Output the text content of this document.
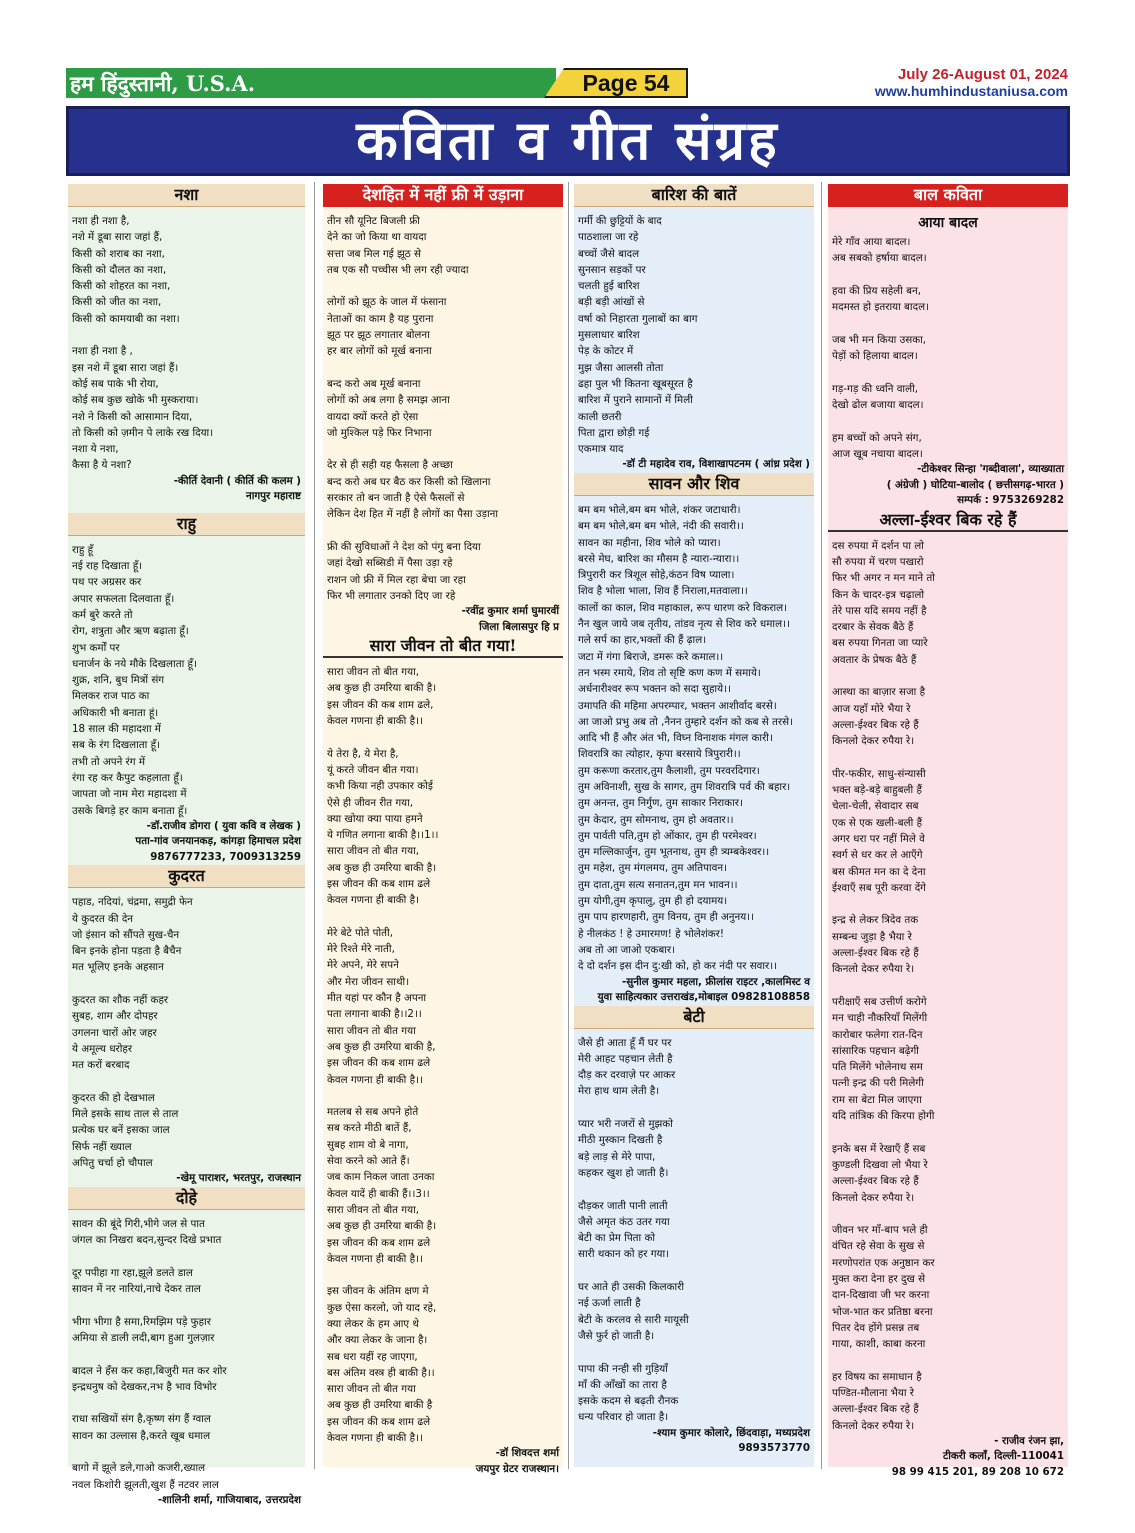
हम हिंदुस्तानी, U.S.A.	Page 54	July 26-August 01, 2024
www.humhindustaniusa.com
कविता व गीत संग्रह
नशा
नशा ही नशा है,
नशे में डूबा सारा जहां हैं,
किसी को शराब का नशा,
किसी को दौलत का नशा,
किसी को शोहरत का नशा,
किसी को जीत का नशा,
किसी को कामयाबी का नशा।
नशा ही नशा है ,
इस नशे में डूबा सारा जहां हैं।
कोई सब पाके भी रोया,
कोई सब कुछ खोके भी मुस्कराया।
नशे ने किसी को आसामान दिया,
तो किसी को ज़मीन पे लाके रख दिया।
नशा ये नशा,
कैसा है ये नशा?
-कीर्ति देवानी ( कीर्ति की कलम )
नागपुर महाराष्ट
राहु
राहु हूँ
नई राह दिखाता हूँ।
पथ पर अग्रसर कर
अपार सफलता दिलवाता हूँ।
कर्म बुरे करते तो
रोग, शत्रुता और ऋण बढ़ाता हूँ।
शुभ कर्मों पर
धनार्जन के नये मौके दिखलाता हूँ।
शुक्र, शनि, बुध मित्रों संग
मिलकर राज पाठ का
अधिकारी भी बनाता हूं।
18 साल की महादशा में
सब के रंग दिखलाता हूँ।
तभी तो अपने रंग में
रंगा रह कर कैपुट कहलाता हूँ।
जापता जो नाम मेरा महादशा में
उसके बिगड़े हर काम बनाता हूँ।
-डॉ.राजीव डोगरा ( युवा कवि व लेखक )
पता-गांव जनयानकड़, कांगड़ा हिमाचल प्रदेश
9876777233, 7009313259
कुदरत
पहाड, नदियां, चंद्रमा, समुद्री फेन
ये कुदरत की देन
जो इंसान को सौंपते सुख-चैन
बिन इनके होना पड़ता है बैचैन
मत भूलिए इनके अहसान
कुदरत का शौक नहीं कहर
सुबह, शाम और दोपहर
उगलना चारों ओर जहर
ये अमूल्य धरोहर
मत करों बरबाद
कुदरत की हो देखभाल
मिले इसके साथ ताल से ताल
प्रत्येक घर बनें इसका जाल
सिर्फ नहीं ख्याल
अपितु चर्चा हो चौपाल
-खेमू पाराशर, भरतपुर, राजस्थान
दोहे
सावन की बूंदे गिरी,भीगे जल से पात
जंगल का निखरा बदन,सुन्दर दिखे प्रभात
दूर पपीहा गा रहा,झूले डलते डाल
सावन में नर नारियां,नाचे देकर ताल
भीगा भीगा है समा,रिमझिम पड़े फुहार
अमिया से डाली लदी,बाग हुआ गुलज़ार
बादल ने हँस कर कहा,बिजुरी मत कर शोर
इन्द्रधनुष को देखकर,नभ है भाव विभोर
राधा सखियों संग है,कृष्ण संग हैं ग्वाल
सावन का उल्लास है,करते खूब धमाल
बागो में झूले डले,गाओ कजरी,ख्याल
नवल किशोरी झूलती,खुश हैं नटवर लाल
-शालिनी शर्मा, गाजियाबाद, उत्तरप्रदेश
देशहित में नहीं फ्री में उड़ाना
तीन सौ यूनिट बिजली फ्री
देने का जो किया था वायदा
सत्ता जब मिल गई झूठ से
तब एक सौ पच्चीस भी लग रही ज्यादा
लोगों को झूठ के जाल में फंसाना
नेताओं का काम है यह पुराना
झूठ पर झूठ लगातार बोलना
हर बार लोगों को मूर्ख बनाना
बन्द करो अब मूर्ख बनाना
लोगों को अब लगा है समझ आना
वायदा क्यों करते हो ऐसा
जो मुश्किल पड़े फिर निभाना
देर से ही सही यह फैसला है अच्छा
बन्द करो अब घर बैठ कर किसी को खिलाना
सरकार तो बन जाती है ऐसे फैसलों से
लेकिन देश हित में नहीं है लोगों का पैसा उड़ाना
फ्री की सुविधाओं ने देश को पंगु बना दिया
जहां देखो सब्सिडी में पैसा उड़ा रहे
राशन जो फ्री में मिल रहा बेचा जा रहा
फिर भी लगातार उनको दिए जा रहे
-रवींद्र कुमार शर्मा घुमारवीं
जिला बिलासपुर हि प्र
सारा जीवन तो बीत गया!
सारा जीवन तो बीत गया,
अब कुछ ही उमरिया बाकी है।
इस जीवन की कब शाम ढले,
केवल गणना ही बाकी है।।
ये तेरा है, ये मेरा है,
यूं करते जीवन बीत गया।
कभी किया नही उपकार कोई
ऐसे ही जीवन रीत गया,
क्या खोया क्या पाया हमने
ये गणित लगाना बाकी है।।1।।
सारा जीवन तो बीत गया,
अब कुछ ही उमरिया बाकी है।
इस जीवन की कब शाम ढले
केवल गणना ही बाकी है।
मेरे बेटे पोते पोती,
मेरे रिश्ते मेरे नाती,
मेरे अपने, मेरे सपने
और मेरा जीवन साथी।
मीत यहां पर कौन है अपना
पता लगाना बाकी है।।2।।
सारा जीवन तो बीत गया
अब कुछ ही उमरिया बाकी है,
इस जीवन की कब शाम ढले
केवल गणना ही बाकी है।।
मतलब से सब अपने होते
सब करते मीठी बातें हैं,
सुबह शाम वो बे नागा,
सेवा करने को आते हैं।
जब काम निकल जाता उनका
केवल यादें ही बाकी हैं।।3।।
सारा जीवन तो बीत गया,
अब कुछ ही उमरिया बाकी है।
इस जीवन की कब शाम ढले
केवल गणना ही बाकी है।।
इस जीवन के अंतिम क्षण मे
कुछ ऐसा करलो, जो याद रहे,
क्या लेकर के हम आए थे
और क्या लेकर के जाना है।
सब धरा यहीं रह जाएगा,
बस अंतिम वस्त्र ही बाकी है।।
सारा जीवन तो बीत गया
अब कुछ ही उमरिया बाकी है
इस जीवन की कब शाम ढले
केवल गणना ही बाकी है।।
-डॉ शिवदत्त शर्मा
जयपुर ग्रेटर राजस्थान।
बारिश की बातें
गर्मी की छुट्टियों के बाद
पाठशाला जा रहे
बच्चों जैसे बादल
सुनसान सड़कों पर
चलती हुई बारिश
बड़ी बड़ी आंखों से
वर्षा को निहारता गुलाबों का बाग
मुसलाधार बारिश
पेड़ के कोटर में
मुझ जैसा आलसी तोता
ढहा पुल भी कितना खूबसूरत है
बारिश में पुराने सामानों में मिली
काली छतरी
पिता द्वारा छोड़ी गई
एकमात्र याद
-डॉ टी महादेव राव, विशाखापटनम ( आंध्र प्रदेश )
सावन और शिव
बम बम भोले,बम बम भोले, शंकर जटाधारी।
बम बम भोले,बम बम भोले, नंदी की सवारी।।
सावन का महीना, शिव भोले को प्यारा।
बरसे मेघ, बारिश का मौसम है न्यारा-न्यारा।।
त्रिपुरारी कर त्रिशूल सोहे,कंठन विष प्याला।
शिव है भोला भाला, शिव हैं निराला,मतवाला।।
कालों का काल, शिव महाकाल, रूप धारण करे विकराल।
नैन खुल जाये जब तृतीय, तांडव नृत्य से शिव करे धमाल।।
गले सर्प का हार,भक्तों की हैं ढ़ाल।
जटा में गंगा बिराजे, डमरू करे कमाल।।
तन भस्म रमाये, शिव तो सृष्टि कण कण में समाये।
अर्धनारीश्वर रूप भक्तन को सदा सुहाये।।
उमापति की महिमा अपरम्पार, भक्तन आशीर्वाद बरसे।
आ जाओ प्रभु अब तो ,नैनन तुम्हारे दर्शन को कब से तरसे।
आदि भी हैं और अंत भी, विघ्न विनाशक मंगल कारी।
शिवरात्रि का त्योहार, कृपा बरसाये त्रिपुरारी।।
तुम करूणा करतार,तुम कैलाशी, तुम परवरदिगार।
तुम अविनाशी, सुख के सागर, तुम शिवरात्रि पर्व की बहार।
तुम अनन्त, तुम निर्गुण, तुम साकार निराकार।
तुम केदार, तुम सोमनाथ, तुम हो अवतार।।
तुम पार्वती पति,तुम हो ओंकार, तुम ही परमेश्वर।
तुम मल्लिकार्जुन, तुम भूतनाथ, तुम ही त्र्यम्बकेश्वर।।
तुम महेश, तुम मंगलमय, तुम अतिपावन।
तुम दाता,तुम सत्य सनातन,तुम मन भावन।।
तुम योगी,तुम कृपालु, तुम ही हो दयामय।
तुम पाप हारणहारी, तुम विनय, तुम ही अनुनय।।
हे नीलकंठ ! हे उमारमण! हे भोलेशंकर!
अब तो आ जाओ एकबार।
दे दो दर्शन इस दीन दु:खी को, हो कर नंदी पर सवार।।
-सुनील कुमार महला, फ्रीलांस राइटर ,कालमिस्ट व
युवा साहित्यकार उत्तराखंड,मोबाइल 09828108858
बेटी
जैसे ही आता हूँ मैं घर पर
मेरी आहट पहचान लेती है
दौड़ कर दरवाज़े पर आकर
मेरा हाथ थाम लेती है।
प्यार भरी नजरों से मुझको
मीठी मुस्कान दिखती है
बड़े लाड़ से मेरे पापा,
कहकर खुश हो जाती है।
दौड़कर जाती पानी लाती
जैसे अमृत कंठ उतर गया
बेटी का प्रेम पिता को
सारी थकान को हर गया।
घर आते ही उसकी किलकारी
नई ऊर्जा लाती है
बेटी के करलव से सारी मायूसी
जैसे फुर्र हो जाती है।
पापा की नन्ही सी गुड़ियाँ
माँ की आँखों का तारा है
इसके कदम से बढ़ती रौनक
धन्य परिवार हो जाता है।
-श्याम कुमार कोलारे, छिंदवाड़ा, मध्यप्रदेश
9893573770
बाल कविता
आया बादल
मेरे गाँव आया बादल।
अब सबको हर्षाया बादल।
हवा की प्रिय सहेली बन,
मदमस्त हो इतराया बादल।
जब भी मन किया उसका,
पेड़ों को हिलाया बादल।
गड़-गड़ की ध्वनि वाली,
देखो ढोल बजाया बादल।
हम बच्चों को अपने संग,
आज खूब नचाया बादल।
-टीकेश्वर सिन्हा 'गब्दीवाला', व्याख्याता
( अंग्रेजी ) घोटिया-बालोद ( छत्तीसगढ़-भारत )
सम्पर्क : 9753269282
अल्ला-ईश्वर बिक रहे हैं
दस रुपया में दर्शन पा लो
सौ रुपया में चरण पखारो
फिर भी अगर न मन माने तो
किन के चादर-इत्र चढ़ालो
तेरे पास यदि समय नहीं है
दरबार के सेवक बैठे हैं
बस रुपया गिनता जा प्यारे
अवतार के प्रेषक बैठे हैं
आस्था का बाज़ार सजा है
आज यहाँ मोरे भैया रे
अल्ला-ईश्वर बिक रहे हैं
किनलो देकर रुपैया रे।
पीर-फकीर, साधु-संन्यासी
भक्त बड़े-बड़े बाहुबली हैं
चेला-चेली, सेवादार सब
एक से एक खली-बली हैं
अगर धरा पर नहीं मिले वे
स्वर्ग से धर कर ले आएँगे
बस कीमत मन का दे देना
ईश्वाएँ सब पूरी करवा देंगे
इन्द्र से लेकर त्रिदेव तक
सम्बन्ध जुड़ा है भैया रे
अल्ला-ईश्वर बिक रहे हैं
किनलो देकर रुपैया रे।
परीक्षाएँ सब उत्तीर्ण करोगे
मन चाही नौकरियाँ मिलेंगी
कारोबार फलेगा रात-दिन
सांसारिक पहचान बढ़ेगी
पति मिलेंगे भोलेनाथ सम
पत्नी इन्द्र की परी मिलेगी
राम सा बेटा मिल जाएगा
यदि तांत्रिक की किरपा होगी
इनके बस में रेखाएँ हैं सब
कुण्डली दिखवा लो भैया रे
अल्ला-ईश्वर बिक रहे हैं
किनलो देकर रुपैया रे।
जीवन भर माँ-बाप भले ही
वंचित रहे सेवा के सुख से
मरणोपरांत एक अनुष्ठान कर
मुक्त करा देना हर दुख से
दान-दिखावा जी भर करना
भोज-भात कर प्रतिष्ठा बरना
पितर देव होंगे प्रसन्न तब
गाया, काशी, काबा करना
हर विषय का समाधान है
पण्डित-मौलाना भैया रे
अल्ला-ईश्वर बिक रहे हैं
किनलो देकर रुपैया रे।
- राजीव रंजन झा,
टीकरी कलाँ, दिल्ली-110041
98 99 415 201, 89 208 10 672
